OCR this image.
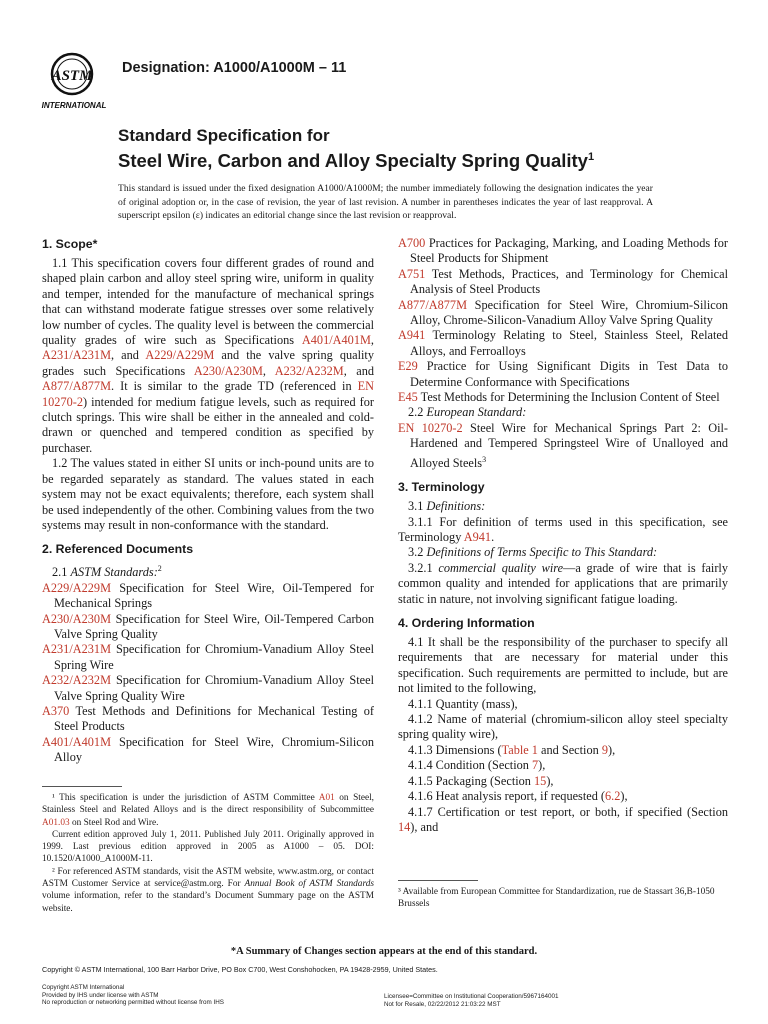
ASTM
INTERNATIONAL
Designation: A1000/A1000M – 11
Standard Specification for
Steel Wire, Carbon and Alloy Specialty Spring Quality$^1$
This standard is issued under the fixed designation A1000/A1000M; the number immediately following the designation indicates the year of original adoption or, in the case of revision, the year of last revision. A number in parentheses indicates the year of last reapproval. A superscript epsilon (ε) indicates an editorial change since the last revision or reapproval.
1. Scope*

1.1 This specification covers four different grades of round and shaped plain carbon and alloy steel spring wire, uniform in quality and temper, intended for the manufacture of mechanical springs that can withstand moderate fatigue stresses over some relatively low number of cycles. The quality level is between the commercial quality grades of wire such as Specifications A401/A401M, A231/A231M, and A229/A229M and the valve spring quality grades such Specifications A230/A230M, A232/A232M, and A877/A877M. It is similar to the grade TD (referenced in EN 10270-2) intended for medium fatigue levels, such as required for clutch springs. This wire shall be either in the annealed and cold-drawn or quenched and tempered condition as specified by purchaser.

1.2 The values stated in either SI units or inch-pound units are to be regarded separately as standard. The values stated in each system may not be exact equivalents; therefore, each system shall be used independently of the other. Combining values from the two systems may result in non-conformance with the standard.

2. Referenced Documents

2.1 ASTM Standards:$^2$

A229/A229M Specification for Steel Wire, Oil-Tempered for Mechanical Springs

A230/A230M Specification for Steel Wire, Oil-Tempered Carbon Valve Spring Quality

A231/A231M Specification for Chromium-Vanadium Alloy Steel Spring Wire

A232/A232M Specification for Chromium-Vanadium Alloy Steel Valve Spring Quality Wire

A370 Test Methods and Definitions for Mechanical Testing of Steel Products

A401/A401M Specification for Steel Wire, Chromium-Silicon Alloy

¹ This specification is under the jurisdiction of ASTM Committee A01 on Steel, Stainless Steel and Related Alloys and is the direct responsibility of Subcommittee A01.03 on Steel Rod and Wire.

Current edition approved July 1, 2011. Published July 2011. Originally approved in 1999. Last previous edition approved in 2005 as A1000 – 05. DOI: 10.1520/A1000_A1000M-11.

² For referenced ASTM standards, visit the ASTM website, www.astm.org, or contact ASTM Customer Service at service@astm.org. For Annual Book of ASTM Standards volume information, refer to the standard’s Document Summary page on the ASTM website.

A700 Practices for Packaging, Marking, and Loading Methods for Steel Products for Shipment

A751 Test Methods, Practices, and Terminology for Chemical Analysis of Steel Products

A877/A877M Specification for Steel Wire, Chromium-Silicon Alloy, Chrome-Silicon-Vanadium Alloy Valve Spring Quality

A941 Terminology Relating to Steel, Stainless Steel, Related Alloys, and Ferroalloys

E29 Practice for Using Significant Digits in Test Data to Determine Conformance with Specifications

E45 Test Methods for Determining the Inclusion Content of Steel

2.2 European Standard:

EN 10270-2 Steel Wire for Mechanical Springs Part 2: Oil-Hardened and Tempered Springsteel Wire of Unalloyed and Alloyed Steels$^3$

3. Terminology

3.1 Definitions:

3.1.1 For definition of terms used in this specification, see Terminology A941.

3.2 Definitions of Terms Specific to This Standard:

3.2.1 commercial quality wire—a grade of wire that is fairly common quality and intended for applications that are primarily static in nature, not involving significant fatigue loading.

4. Ordering Information

4.1 It shall be the responsibility of the purchaser to specify all requirements that are necessary for material under this specification. Such requirements are permitted to include, but are not limited to the following,

4.1.1 Quantity (mass),

4.1.2 Name of material (chromium-silicon alloy steel specialty spring quality wire),

4.1.3 Dimensions (Table 1 and Section 9),

4.1.4 Condition (Section 7),

4.1.5 Packaging (Section 15),

4.1.6 Heat analysis report, if requested (6.2),

4.1.7 Certification or test report, or both, if specified (Section 14), and

³ Available from European Committee for Standardization, rue de Stassart 36,B-1050 Brussels
*A Summary of Changes section appears at the end of this standard.
Copyright © ASTM International, 100 Barr Harbor Drive, PO Box C700, West Conshohocken, PA 19428-2959, United States.
Copyright ASTM International
Provided by IHS under license with ASTM
No reproduction or networking permitted without license from IHS
Licensee=Committee on Institutional Cooperation/5967164001
Not for Resale, 02/22/2012 21:03:22 MST
